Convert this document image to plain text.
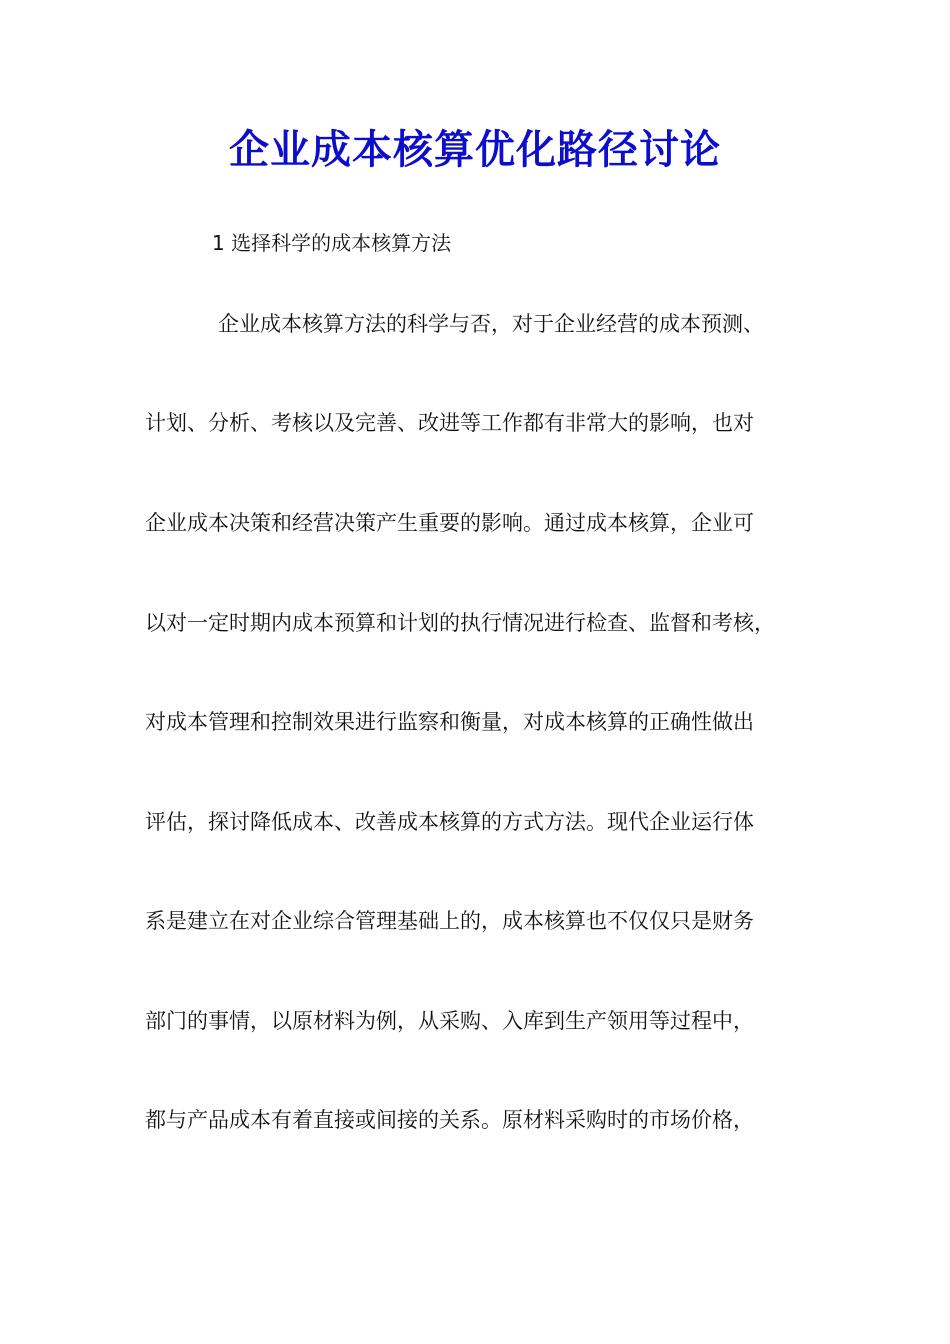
企业成本核算优化路径讨论

1 选择科学的成本核算方法

企业成本核算方法的科学与否，对于企业经营的成本预测、

计划、分析、考核以及完善、改进等工作都有非常大的影响，也对

企业成本决策和经营决策产生重要的影响。通过成本核算，企业可

以对一定时期内成本预算和计划的执行情况进行检查、监督和考核，

对成本管理和控制效果进行监察和衡量，对成本核算的正确性做出

评估，探讨降低成本、改善成本核算的方式方法。现代企业运行体

系是建立在对企业综合管理基础上的，成本核算也不仅仅只是财务

部门的事情，以原材料为例，从采购、入库到生产领用等过程中，

都与产品成本有着直接或间接的关系。原材料采购时的市场价格，
